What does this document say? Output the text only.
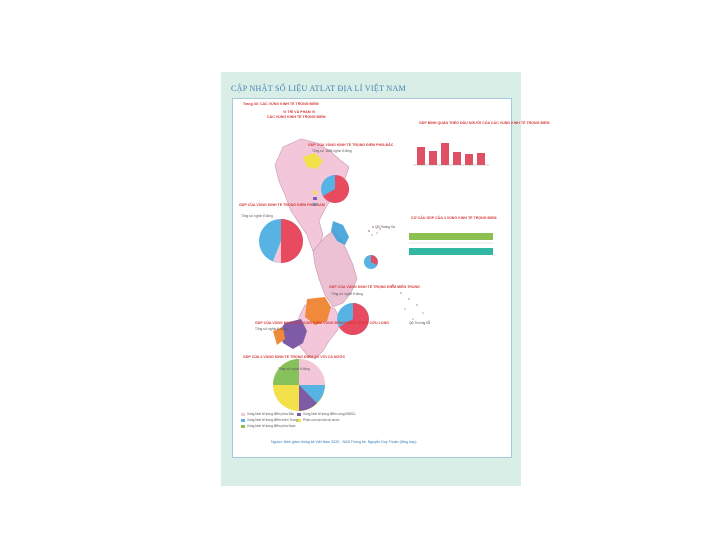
CẬP NHẬT SỐ LIỆU ATLAT ĐỊA LÍ VIỆT NAM
Trang 30: CÁC VÙNG KINH TẾ TRỌNG ĐIỂM
VỊ TRÍ VÀ PHẠM VI
CÁC VÙNG KINH TẾ TRỌNG ĐIỂM
GDP CỦA VÙNG KINH TẾ TRỌNG ĐIỂM PHÍA BẮC
Tổng số: 1888 nghìn tỉ đồng
GDP CỦA VÙNG KINH TẾ TRỌNG ĐIỂM PHÍA NAM
Tổng số: nghìn tỉ đồng
GDP CỦA VÙNG KINH TẾ TRỌNG ĐIỂM MIỀN TRUNG
Tổng số: nghìn tỉ đồng
GDP CỦA VÙNG KINH TẾ TRỌNG ĐIỂM VÙNG ĐỒNG BẰNG SÔNG CỬU LONG
Tổng số: nghìn tỉ đồng
GDP BÌNH QUÂN THEO ĐẦU NGƯỜI CỦA CÁC VÙNG KINH TẾ TRỌNG ĐIỂM
CƠ CẤU GDP CỦA 4 VÙNG KINH TẾ TRỌNG ĐIỂM
GDP CỦA 4 VÙNG KINH TẾ TRỌNG ĐIỂM SO VỚI CẢ NƯỚC
Tổng số: nghìn tỉ đồng
Vùng kinh tế trọng điểm phía Bắc
Vùng kinh tế trọng điểm miền Trung
Vùng kinh tế trọng điểm phía Nam
Vùng kinh tế trọng điểm vùng ĐBSCL
Phần còn lại của cả nước
QĐ Hoàng Sa
QĐ Trường Sa
Nguồn: Niên giám thống kê Việt Nam 2020 - NXB Thống kê, Nguyễn Duy Thuận (tổng hợp)
